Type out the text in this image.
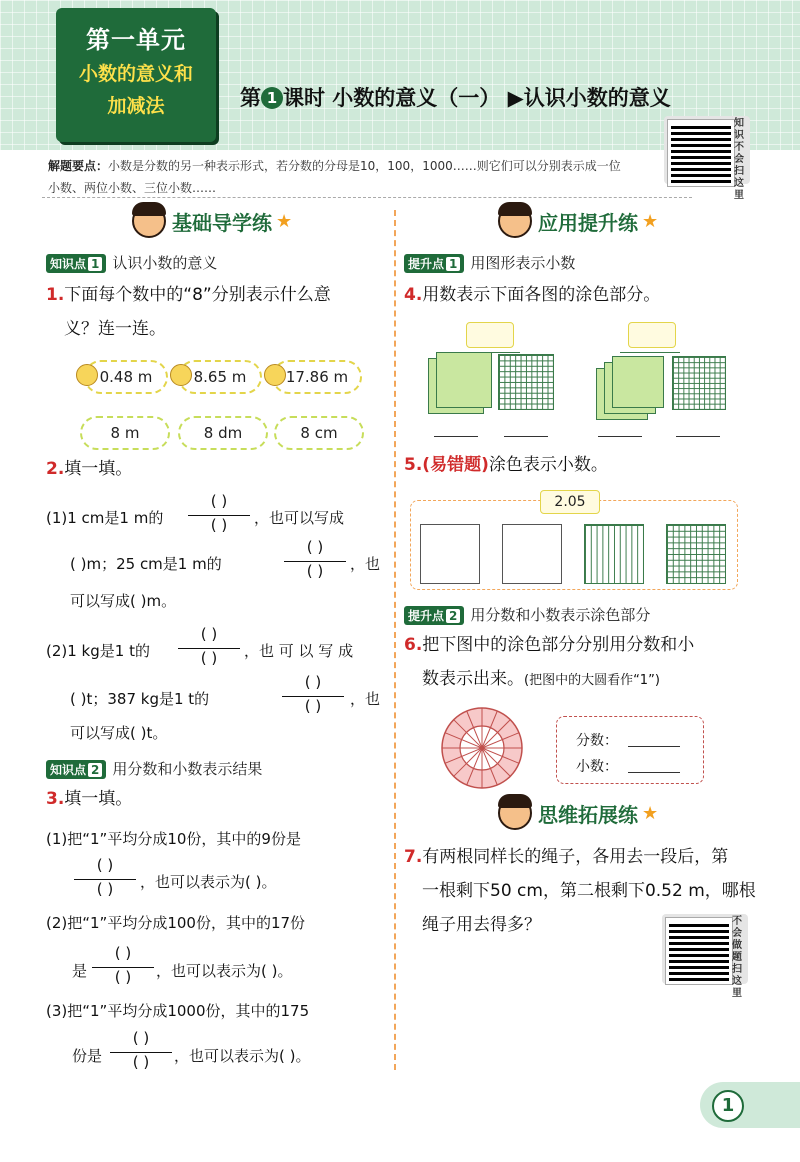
第一单元
小数的意义和
加减法	第 1 课时 小数的意义（一） ▶认识小数的意义
知识不会扫这里
解题要点：小数是分数的另一种表示形式，若分数的分母是10，100，1000……则它们可以分别表示成一位
小数、两位小数、三位小数……
基础导学练 ★
知识点 1 认识小数的意义
1.下面每个数中的“8”分别表示什么意
义？连一连。
0.48 m	8.65 m	17.86 m
8 m	8 dm	8 cm
2.填一填。
(1)1 cm是1 m的
( )
( )	，也可以写成
( )m；25 cm是1 m的
( )
( )	，也
可以写成( )m。
(2)1 kg是1 t的
( )
( )	，也 可 以 写 成
( )t；387 kg是1 t的
( )
( )	，也
可以写成( )t。
知识点 2 用分数和小数表示结果
3.填一填。
(1)把“1”平均分成10份，其中的9份是
( )
( )	，也可以表示为( )。
(2)把“1”平均分成100份，其中的17份
是
( )
( )	，也可以表示为( )。
(3)把“1”平均分成1000份，其中的175
份是
( )
( )	，也可以表示为( )。
应用提升练 ★
提升点 1 用图形表示小数
4.用数表示下面各图的涂色部分。
5.(易错题)涂色表示小数。
2.05
提升点 2 用分数和小数表示涂色部分
6.把下图中的涂色部分分别用分数和小
数表示出来。(把图中的大圆看作“1”)
分数：
小数：
思维拓展练 ★
7.有两根同样长的绳子，各用去一段后，第
一根剩下50 cm，第二根剩下0.52 m，哪根
绳子用去得多？	不会做题扫这里
1
